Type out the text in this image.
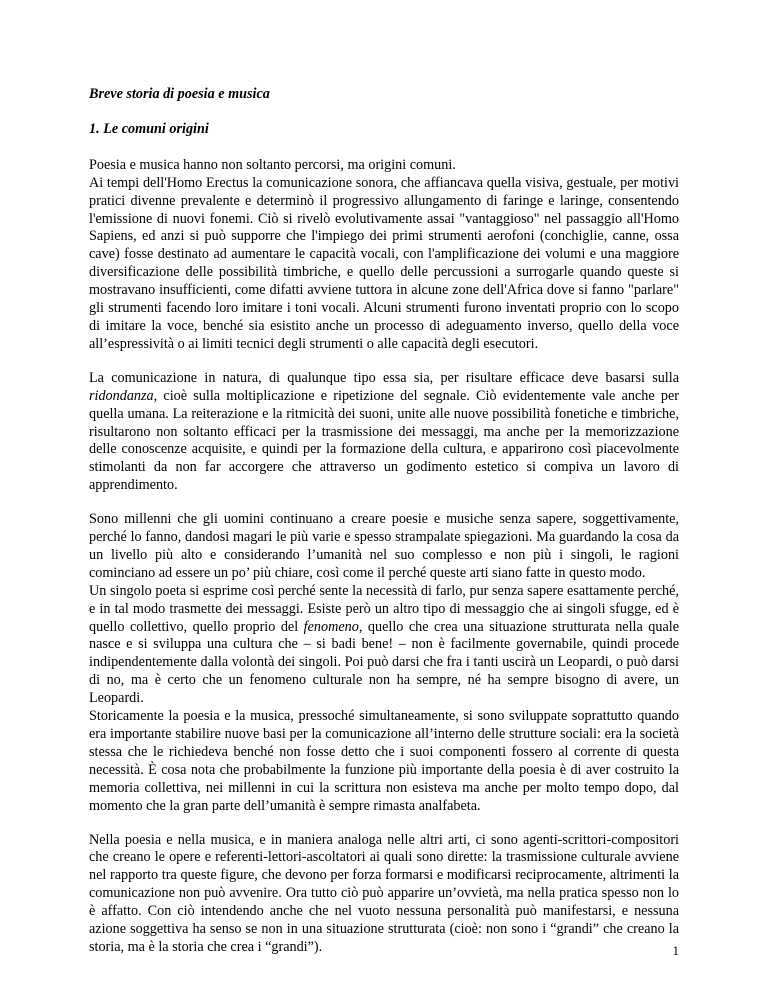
Breve storia di poesia e musica
1. Le comuni origini

Poesia e musica hanno non soltanto percorsi, ma origini comuni.

Ai tempi dell'Homo Erectus la comunicazione sonora, che affiancava quella visiva, gestuale, per motivi pratici divenne prevalente e determinò il progressivo allungamento di faringe e laringe, consentendo l'emissione di nuovi fonemi. Ciò si rivelò evolutivamente assai "vantaggioso" nel passaggio all'Homo Sapiens, ed anzi si può supporre che l'impiego dei primi strumenti aerofoni (conchiglie, canne, ossa cave) fosse destinato ad aumentare le capacità vocali, con l'amplificazione dei volumi e una maggiore diversificazione delle possibilità timbriche, e quello delle percussioni a surrogarle quando queste si mostravano insufficienti, come difatti avviene tuttora in alcune zone dell'Africa dove si fanno "parlare" gli strumenti facendo loro imitare i toni vocali. Alcuni strumenti furono inventati proprio con lo scopo di imitare la voce, benché sia esistito anche un processo di adeguamento inverso, quello della voce all’espressività o ai limiti tecnici degli strumenti o alle capacità degli esecutori.

La comunicazione in natura, di qualunque tipo essa sia, per risultare efficace deve basarsi sulla ridondanza, cioè sulla moltiplicazione e ripetizione del segnale. Ciò evidentemente vale anche per quella umana. La reiterazione e la ritmicità dei suoni, unite alle nuove possibilità fonetiche e timbriche, risultarono non soltanto efficaci per la trasmissione dei messaggi, ma anche per la memorizzazione delle conoscenze acquisite, e quindi per la formazione della cultura, e apparirono così piacevolmente stimolanti da non far accorgere che attraverso un godimento estetico si compiva un lavoro di apprendimento.

Sono millenni che gli uomini continuano a creare poesie e musiche senza sapere, soggettivamente, perché lo fanno, dandosi magari le più varie e spesso strampalate spiegazioni. Ma guardando la cosa da un livello più alto e considerando l’umanità nel suo complesso e non più i singoli, le ragioni cominciano ad essere un po’ più chiare, così come il perché queste arti siano fatte in questo modo.

Un singolo poeta si esprime così perché sente la necessità di farlo, pur senza sapere esattamente perché, e in tal modo trasmette dei messaggi. Esiste però un altro tipo di messaggio che ai singoli sfugge, ed è quello collettivo, quello proprio del fenomeno, quello che crea una situazione strutturata nella quale nasce e si sviluppa una cultura che – si badi bene! – non è facilmente governabile, quindi procede indipendentemente dalla volontà dei singoli. Poi può darsi che fra i tanti uscirà un Leopardi, o può darsi di no, ma è certo che un fenomeno culturale non ha sempre, né ha sempre bisogno di avere, un Leopardi.

Storicamente la poesia e la musica, pressoché simultaneamente, si sono sviluppate soprattutto quando era importante stabilire nuove basi per la comunicazione all’interno delle strutture sociali: era la società stessa che le richiedeva benché non fosse detto che i suoi componenti fossero al corrente di questa necessità. È cosa nota che probabilmente la funzione più importante della poesia è di aver costruito la memoria collettiva, nei millenni in cui la scrittura non esisteva ma anche per molto tempo dopo, dal momento che la gran parte dell’umanità è sempre rimasta analfabeta.

Nella poesia e nella musica, e in maniera analoga nelle altri arti, ci sono agenti-scrittori-compositori che creano le opere e referenti-lettori-ascoltatori ai quali sono dirette: la trasmissione culturale avviene nel rapporto tra queste figure, che devono per forza formarsi e modificarsi reciprocamente, altrimenti la comunicazione non può avvenire. Ora tutto ciò può apparire un’ovvietà, ma nella pratica spesso non lo è affatto. Con ciò intendendo anche che nel vuoto nessuna personalità può manifestarsi, e nessuna azione soggettiva ha senso se non in una situazione strutturata (cioè: non sono i “grandi” che creano la storia, ma è la storia che crea i “grandi”).	1
